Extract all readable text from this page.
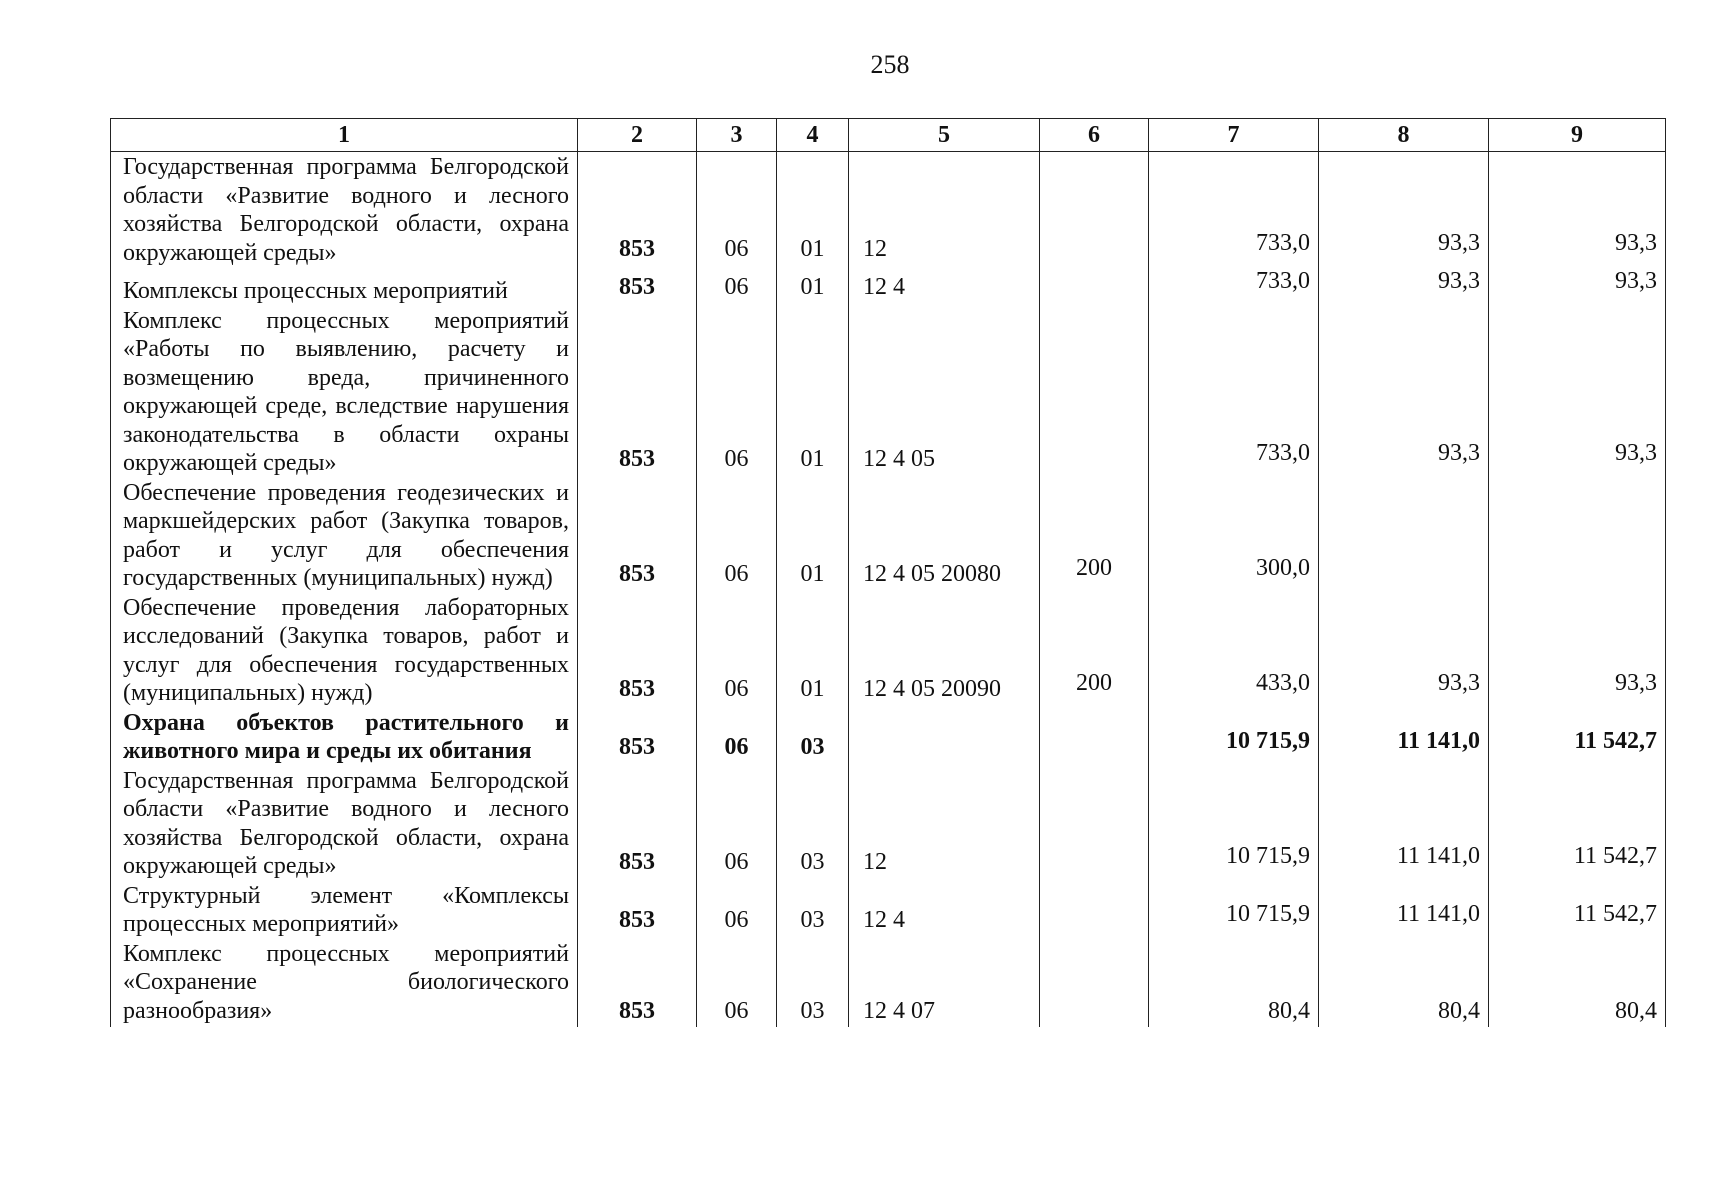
258
1	2	3	4	5	6	7	8	9
Государственная программа Белгородской области «Развитие водного и лесного хозяйства Белгородской области, охрана окружающей среды»	853	06	01	12		733,0	93,3	93,3
Комплексы процессных мероприятий	853	06	01	12 4		733,0	93,3	93,3
Комплекс процессных мероприятий «Работы по выявлению, расчету и возмещению вреда, причиненного окружающей среде, вследствие нарушения законодательства в области охраны окружающей среды»	853	06	01	12 4 05		733,0	93,3	93,3
Обеспечение проведения геодезических и маркшейдерских работ (Закупка товаров, работ и услуг для обеспечения государственных (муниципальных) нужд)	853	06	01	12 4 05 20080	200	300,0		
Обеспечение проведения лабораторных исследований (Закупка товаров, работ и услуг для обеспечения государственных (муниципальных) нужд)	853	06	01	12 4 05 20090	200	433,0	93,3	93,3
Охрана объектов растительного и животного мира и среды их обитания	853	06	03			10 715,9	11 141,0	11 542,7
Государственная программа Белгородской области «Развитие водного и лесного хозяйства Белгородской области, охрана окружающей среды»	853	06	03	12		10 715,9	11 141,0	11 542,7
Структурный элемент «Комплексы процессных мероприятий»	853	06	03	12 4		10 715,9	11 141,0	11 542,7
Комплекс процессных мероприятий «Сохранение биологического разнообразия»	853	06	03	12 4 07		80,4	80,4	80,4
